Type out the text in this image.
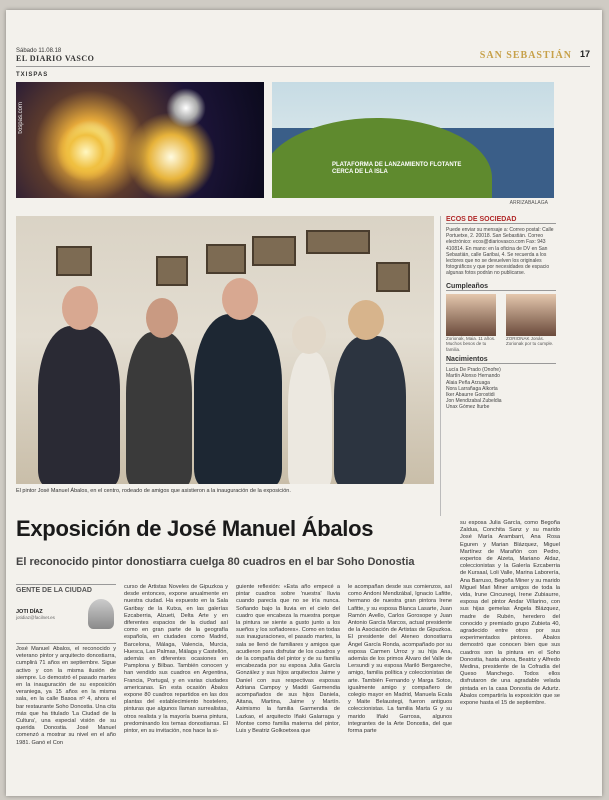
Sábado 11.08.18
EL DIARIO VASCO	SAN SEBASTIÁN 17
TXISPAS
txispas.com
PLATAFORMA DE LANZAMIENTO FLOTANTE CERCA DE LA ISLA
ARRIZABALAGA
El pintor José Manuel Ábalos, en el centro, rodeado de amigos que asistieron a la inauguración de la exposición.
ECOS DE SOCIEDAD
Puede enviar su mensaje a: Correo postal: Calle Portuetxe, 2. 20018. San Sebastián. Correo electrónico: ecos@diariovasco.com Fax: 943 410814. En mano: en la oficina de DV en San Sebastián, calle Garibai, 4. Se recuerda a los lectores que no se devuelven los originales fotográficos y que por necesidades de espacio algunas fotos podrán no publicarse.
Cumpleaños
Zorionak, Maia. 11 años. Muchos besos de tu familia.
ZORIONAK Jonás. Zorionak por tu cumple.
Nacimientos
Lucía De Prado (Onofre)
Martín Alonso Hernando
Alaia Peña Arzuaga
Nora Larrañaga Alkorta
Iker Abaurre Gorostidi
Jon Mendizabal Zubeldia
Unax Gómez Iturbe
Exposición de José Manuel Ábalos
El reconocido pintor donostiarra cuelga 80 cuadros en el bar Soho Donostia
GENTE DE LA CIUDAD
JOTI DÍAZ
jotidiaz@facilnet.es
José Manuel Ábalos, el reconocido y veterano pintor y arquitecto donostiarra, cumplirá 71 años en septiembre. Sigue activo y con la misma ilusión de siempre. Lo demostró el pasado martes en la inauguración de su exposición veraniega, ya 15 años en la misma sala, en la calle Basoa nº 4, ahora el bar restaurante Soho Donostia. Una cita más que ha titulado 'La Ciudad de la Cultura', una especial visión de su querida Donostia. José Manuel comenzó a mostrar su nivel en el año 1981. Ganó el Con
curso de Artistas Noveles de Gipuzkoa y desde entonces, expone anualmente en nuestra ciudad. Ha expuesto en la Sala Garibay de la Kutxa, en las galerías Ezcaberria, Alzueti, Delta Arte y en diferentes espacios de la ciudad así como en gran parte de la geografía española, en ciudades como Madrid, Barcelona, Málaga, Valencia, Murcia, Huesca, Las Palmas, Málaga y Castellón, además en diferentes ocasiones en Pamplona y Bilbao. También conocen y han vendido sus cuadros en Argentina, Francia, Portugal, y en varias ciudades americanas. En esta ocasión Ábalos expone 80 cuadros repartidos en las dos plantas del establecimiento hostelero, pinturas que algunos llaman surrealistas, otros realista y la mayoría buena pintura, predominando los temas donostiarras. El pintor, en su invitación, nos hace la si-
guiente reflexión: «Esta año empecé a pintar cuadros sobre 'nuestra' lluvia cuando parecía que no se iría nunca. Soñando bajo la lluvia en el cielo del cuadro que encabeza la muestra porque la pintura se siente a gusto junto a los sueños y los soñadores». Como en todas sus inauguraciones, el pasado martes, la sala se llenó de familiares y amigos que acudieron para disfrutar de los cuadros y de la compañía del pintor y de su familia encabezada por su esposa Julia García González y sus hijos arquitectos Jaime y Daniel con sus respectivas esposas Adriana Campoy y Maddi Garmendia acompañados de sus hijos Daniela, Aitana, Martina, Jaime y Martín. Asimismo la familia Garmendia de Lazkao, el arquitecto Iñaki Galarraga y Montse como familia materna del pintor, Luis y Beatriz Golkoetxea que
le acompañan desde sus comienzos, así como Andoni Mendizábal, Ignacio Lafitte, hermano de nuestra gran pintora Irene Lafitte, y su esposa Blanca Lasarte, Juan Ramón Avello, Carlos Gorosope y Juan Antonio García Marcos, actual presidente de la Asociación de Artistas de Gipuzkoa. El presidente del Ateneo donostiarra Ángel García Ronda, acompañado por su esposa Carmen Urroz y su hija Ana, además de los primos Álvaro del Valle de Lersundi y su esposa Mariló Bergareche, amigo, familia política y coleccionistas de arte. También Fernando y Marga Sotos, igualmente amigo y compañero de colegio mayor en Madrid, Manuela Ecala y Maite Belaustegi, fueron antiguos coleccionistas. La familia Marta G y su marido Iñaki Garrosa, algunos integrantes de la Arte Donostia, del que forma parte
su esposa Julia García, como Begoña Zaldua, Conchita Sanz y su marido José María Arambarri, Ana Rosa Eguren y Marian Blázquez, Miguel Martínez de Marañón con Pedro, expertos de Alzeta, Mariano Aldaz, coleccionistas y la Galería Ezcaberria de Kursaal, Loli Valle, Marina Laborería, Ana Barruso, Begoña Miner y su marido Miguel Mari Miner amigos de toda la vida, Irune Cincunegi, Irene Zubiaurre, esposa del pintor Andar Villarino, con sus hijas gemelas Ángela Blázquez, madre de Rubén, heredero del conocido y premiado grupo Zubieta 40, agradecido entre otros por sus experimentados pintores. Ábalos demostró que conocen bien que sus cuadros son la pintura en el Soho Donostia, hasta ahora, Beatriz y Alfredo Medina, presidente de la Cofradía del Queso Manchego. Todos ellos disfrutaron de una agradable velada pintada en la casa Donostia de Adurtz. Ábalos compartiría la exposición que se expone hasta el 15 de septiembre.
